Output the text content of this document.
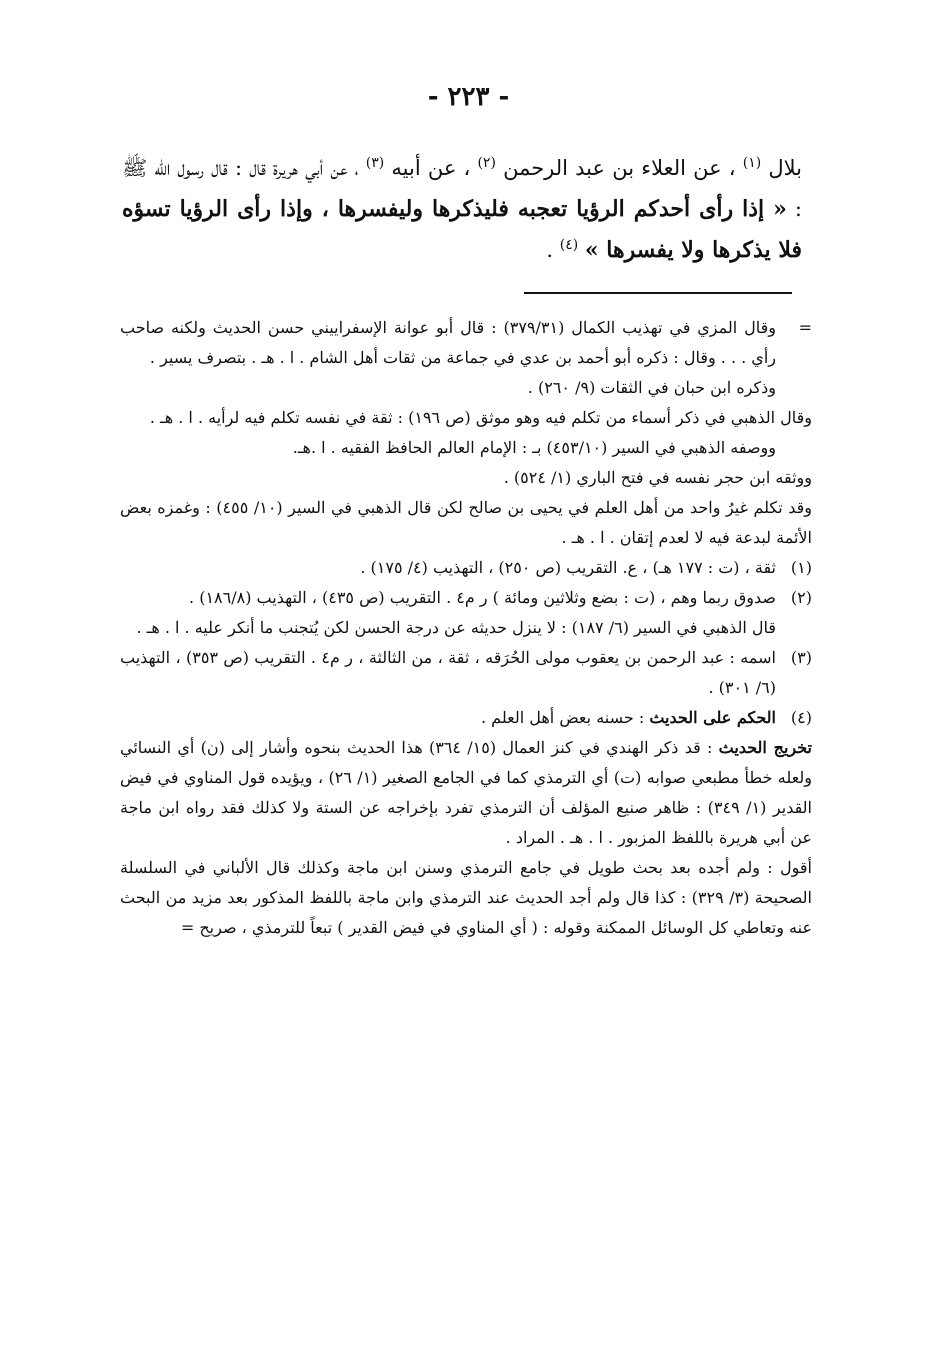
- ٢٢٣ -
بلال $^{(١)}$ ، عن العلاء بن عبد الرحمن $^{(٢)}$ ، عن أبيه $^{(٣)}$ ، عن أبي هريرة قال : قال رسول الله ﷺ : « إذا رأى أحدكم الرؤيا تعجبه فليذكرها وليفسرها ، وإذا رأى الرؤيا تسؤه فلا يذكرها ولا يفسرها » $^{(٤)}$ .

=
وقال المزي في تهذيب الكمال (٣٧٩/٣١) : قال أبو عوانة الإسفراييني حسن الحديث ولكنه صاحب رأي . . . وقال : ذكره أبو أحمد بن عدي في جماعة من ثقات أهل الشام . ا . هـ . بتصرف يسير .

وذكره ابن حبان في الثقات (٩/ ٢٦٠) .

وقال الذهبي في ذكر أسماء من تكلم فيه وهو موثق (ص ١٩٦) : ثقة في نفسه تكلم فيه لرأيه . ا . هـ .

ووصفه الذهبي في السير (٤٥٣/١٠) بـ : الإمام العالم الحافظ الفقيه . ا .هـ.

ووثقه ابن حجر نفسه في فتح الباري (١/ ٥٢٤) .

وقد تكلم غيرُ واحد من أهل العلم في يحيى بن صالح لكن قال الذهبي في السير (١٠/ ٤٥٥) : وغمزه بعض الأئمة لبدعة فيه لا لعدم إتقان . ا . هـ .

(١)
ثقة ، (ت : ١٧٧ هـ) ، ع. التقريب (ص ٢٥٠) ، التهذيب (٤/ ١٧٥) .

(٢)
صدوق ربما وهم ، (ت : بضع وثلاثين ومائة ) ر م٤ . التقريب (ص ٤٣٥) ، التهذيب (١٨٦/٨) .

قال الذهبي في السير (٦/ ١٨٧) : لا ينزل حديثه عن درجة الحسن لكن يُتجنب ما أنكر عليه . ا . هـ .

(٣)
اسمه : عبد الرحمن بن يعقوب مولى الحُرَقه ، ثقة ، من الثالثة ، ر م٤ . التقريب (ص ٣٥٣) ، التهذيب (٦/ ٣٠١) .

(٤)
الحكم على الحديث : حسنه بعض أهل العلم .

تخريج الحديث : قد ذكر الهندي في كنز العمال (١٥/ ٣٦٤) هذا الحديث بنحوه وأشار إلى (ن) أي النسائي ولعله خطأ مطبعي صوابه (ت) أي الترمذي كما في الجامع الصغير (١/ ٢٦) ، ويؤيده قول المناوي في فيض القدير (١/ ٣٤٩) : ظاهر صنيع المؤلف أن الترمذي تفرد بإخراجه عن الستة ولا كذلك فقد رواه ابن ماجة عن أبي هريرة باللفظ المزبور . ا . هـ . المراد .

أقول : ولم أجده بعد بحث طويل في جامع الترمذي وسنن ابن ماجة وكذلك قال الألباني في السلسلة الصحيحة (٣/ ٣٢٩) : كذا قال ولم أجد الحديث عند الترمذي وابن ماجة باللفظ المذكور بعد مزيد من البحث عنه وتعاطي كل الوسائل الممكنة وقوله : ( أي المناوي في فيض القدير ) تبعاً للترمذي ، صريح =
